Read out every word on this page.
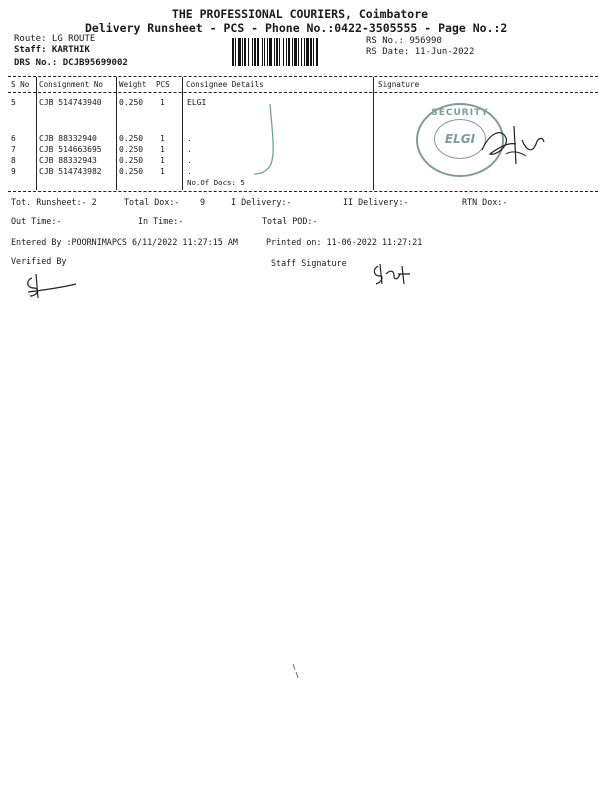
THE PROFESSIONAL COURIERS, Coimbatore
Delivery Runsheet - PCS - Phone No.:0422-3505555 - Page No.:2
Route: LG ROUTE
Staff: KARTHIK
DRS No.: DCJB95699002
RS No.: 956990
RS Date: 11-Jun-2022
S No Consignment No Weight PCS Consignee Details	Signature
5	CJB 514743940 0.250 1	ELGI
6	CJB 88332940	0.250 1	.
7	CJB 514663695 0.250 1	.
8	CJB 88332943	0.250 1	.
9	CJB 514743982 0.250 1	.
No.Of Docs: 5
SECURITY
ELGI
Tot. Runsheet:- 2	Total Dox:- 9	I Delivery:-	II Delivery:-	RTN Dox:-
Out Time:-	In Time:-	Total POD:-
Entered By :POORNIMAPCS 6/11/2022 11:27:15 AM	Printed on: 11-06-2022 11:27:21
Verified By	Staff Signature
